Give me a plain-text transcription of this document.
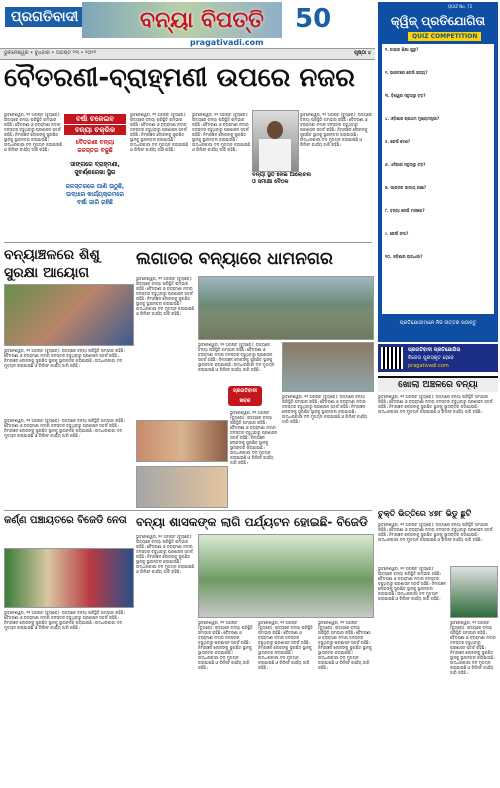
ପ୍ରଗତିବାଦୀ	ବନ୍ୟା ବିପତ୍ତି 50
pragativadi.com
ଭୁବନେଶ୍ୱର • ବୁଧବାର • ଅଗଷ୍ଟ ୨୩ • ୨୦୨୨	ପୃଷ୍ଠା ୪
ବୈତରଣୀ-ବ୍ରାହ୍ମଣୀ ଉପରେ ନଜର
ଭୁବନେଶ୍ୱର, ୨୨ ଅଗଷ୍ଟ (ବ୍ୟୁରୋ): ରାଜ୍ୟରେ ବନ୍ୟା ପରିସ୍ଥିତି ଗମ୍ଭୀର ରହିଛି। ବୈତରଣୀ ଓ ବ୍ରାହ୍ମଣୀ ନଦୀର ଜଳସ୍ତର ବଢୁଥିବାରୁ ପ୍ରଶାସନ ସତର୍କ ରହିଛି। ନିମ୍ନାଞ୍ଚଳ ଲୋକଙ୍କୁ ସୁରକ୍ଷିତ ସ୍ଥାନକୁ ସ୍ଥାନାନ୍ତର କରାଯାଉଛି। ଉଦ୍ଧାରକାରୀ ଦଳ ମୁତୟନ କରାଯାଇଛି ଓ ରିଲିଫ କାର୍ଯ୍ୟ ଜାରି ରହିଛି।
ବର୍ଷା ଚଳେଇବ
ବନ୍ୟା ଚକ୍ରିକ
ବୈତରଣୀ ବନ୍ୟା
ଜଳସ୍ତର ବଢୁଛି
ସାଙ୍ଗରେ ବ୍ରାହ୍ମଣୀ,
ସୁବର୍ଣ୍ଣରେଖା ସ୍ଥିର
ଜଳସ୍ତରରେ ପାଣି ଉଠୁଛି,
ଉଦ୍ଧାର କାର୍ଯ୍ୟକ୍ରମରେ
ବର୍ଷା ଜାରି ରହିଛି
ଭୁବନେଶ୍ୱର, ୨୨ ଅଗଷ୍ଟ (ବ୍ୟୁରୋ): ରାଜ୍ୟରେ ବନ୍ୟା ପରିସ୍ଥିତି ଗମ୍ଭୀର ରହିଛି। ବୈତରଣୀ ଓ ବ୍ରାହ୍ମଣୀ ନଦୀର ଜଳସ୍ତର ବଢୁଥିବାରୁ ପ୍ରଶାସନ ସତର୍କ ରହିଛି। ନିମ୍ନାଞ୍ଚଳ ଲୋକଙ୍କୁ ସୁରକ୍ଷିତ ସ୍ଥାନକୁ ସ୍ଥାନାନ୍ତର କରାଯାଉଛି। ଉଦ୍ଧାରକାରୀ ଦଳ ମୁତୟନ କରାଯାଇଛି ଓ ରିଲିଫ କାର୍ଯ୍ୟ ଜାରି ରହିଛି।
ଭୁବନେଶ୍ୱର, ୨୨ ଅଗଷ୍ଟ (ବ୍ୟୁରୋ): ରାଜ୍ୟରେ ବନ୍ୟା ପରିସ୍ଥିତି ଗମ୍ଭୀର ରହିଛି। ବୈତରଣୀ ଓ ବ୍ରାହ୍ମଣୀ ନଦୀର ଜଳସ୍ତର ବଢୁଥିବାରୁ ପ୍ରଶାସନ ସତର୍କ ରହିଛି। ନିମ୍ନାଞ୍ଚଳ ଲୋକଙ୍କୁ ସୁରକ୍ଷିତ ସ୍ଥାନକୁ ସ୍ଥାନାନ୍ତର କରାଯାଉଛି। ଉଦ୍ଧାରକାରୀ ଦଳ ମୁତୟନ କରାଯାଇଛି ଓ ରିଲିଫ କାର୍ଯ୍ୟ ଜାରି ରହିଛି।
ବନ୍ୟା ସ୍ଥିତି ନେଇ ଆଲୋଚନା ଓ ସମୀକ୍ଷା ବୈଠକ
ଭୁବନେଶ୍ୱର, ୨୨ ଅଗଷ୍ଟ (ବ୍ୟୁରୋ): ରାଜ୍ୟରେ ବନ୍ୟା ପରିସ୍ଥିତି ଗମ୍ଭୀର ରହିଛି। ବୈତରଣୀ ଓ ବ୍ରାହ୍ମଣୀ ନଦୀର ଜଳସ୍ତର ବଢୁଥିବାରୁ ପ୍ରଶାସନ ସତର୍କ ରହିଛି। ନିମ୍ନାଞ୍ଚଳ ଲୋକଙ୍କୁ ସୁରକ୍ଷିତ ସ୍ଥାନକୁ ସ୍ଥାନାନ୍ତର କରାଯାଉଛି। ଉଦ୍ଧାରକାରୀ ଦଳ ମୁତୟନ କରାଯାଇଛି ଓ ରିଲିଫ କାର୍ଯ୍ୟ ଜାରି ରହିଛି।
ବନ୍ୟାଞ୍ଚଳରେ ଶିଶୁ ସୁରକ୍ଷା ଆୟୋଗ
ଭୁବନେଶ୍ୱର, ୨୨ ଅଗଷ୍ଟ (ବ୍ୟୁରୋ): ରାଜ୍ୟରେ ବନ୍ୟା ପରିସ୍ଥିତି ଗମ୍ଭୀର ରହିଛି। ବୈତରଣୀ ଓ ବ୍ରାହ୍ମଣୀ ନଦୀର ଜଳସ୍ତର ବଢୁଥିବାରୁ ପ୍ରଶାସନ ସତର୍କ ରହିଛି। ନିମ୍ନାଞ୍ଚଳ ଲୋକଙ୍କୁ ସୁରକ୍ଷିତ ସ୍ଥାନକୁ ସ୍ଥାନାନ୍ତର କରାଯାଉଛି। ଉଦ୍ଧାରକାରୀ ଦଳ ମୁତୟନ କରାଯାଇଛି ଓ ରିଲିଫ କାର୍ଯ୍ୟ ଜାରି ରହିଛି।
ଲଗାତର ବନ୍ୟାରେ ଧାମନଗର
ଭୁବନେଶ୍ୱର, ୨୨ ଅଗଷ୍ଟ (ବ୍ୟୁରୋ): ରାଜ୍ୟରେ ବନ୍ୟା ପରିସ୍ଥିତି ଗମ୍ଭୀର ରହିଛି। ବୈତରଣୀ ଓ ବ୍ରାହ୍ମଣୀ ନଦୀର ଜଳସ୍ତର ବଢୁଥିବାରୁ ପ୍ରଶାସନ ସତର୍କ ରହିଛି। ନିମ୍ନାଞ୍ଚଳ ଲୋକଙ୍କୁ ସୁରକ୍ଷିତ ସ୍ଥାନକୁ ସ୍ଥାନାନ୍ତର କରାଯାଉଛି। ଉଦ୍ଧାରକାରୀ ଦଳ ମୁତୟନ କରାଯାଇଛି ଓ ରିଲିଫ କାର୍ଯ୍ୟ ଜାରି ରହିଛି।
ପ୍ରଗତିବାଦୀ ଖବର
ଭୁବନେଶ୍ୱର, ୨୨ ଅଗଷ୍ଟ (ବ୍ୟୁରୋ): ରାଜ୍ୟରେ ବନ୍ୟା ପରିସ୍ଥିତି ଗମ୍ଭୀର ରହିଛି। ବୈତରଣୀ ଓ ବ୍ରାହ୍ମଣୀ ନଦୀର ଜଳସ୍ତର ବଢୁଥିବାରୁ ପ୍ରଶାସନ ସତର୍କ ରହିଛି। ନିମ୍ନାଞ୍ଚଳ ଲୋକଙ୍କୁ ସୁରକ୍ଷିତ ସ୍ଥାନକୁ ସ୍ଥାନାନ୍ତର କରାଯାଉଛି। ଉଦ୍ଧାରକାରୀ ଦଳ ମୁତୟନ କରାଯାଇଛି ଓ ରିଲିଫ କାର୍ଯ୍ୟ ଜାରି ରହିଛି।
ଭୁବନେଶ୍ୱର, ୨୨ ଅଗଷ୍ଟ (ବ୍ୟୁରୋ): ରାଜ୍ୟରେ ବନ୍ୟା ପରିସ୍ଥିତି ଗମ୍ଭୀର ରହିଛି। ବୈତରଣୀ ଓ ବ୍ରାହ୍ମଣୀ ନଦୀର ଜଳସ୍ତର ବଢୁଥିବାରୁ ପ୍ରଶାସନ ସତର୍କ ରହିଛି। ନିମ୍ନାଞ୍ଚଳ ଲୋକଙ୍କୁ ସୁରକ୍ଷିତ ସ୍ଥାନକୁ ସ୍ଥାନାନ୍ତର କରାଯାଉଛି। ଉଦ୍ଧାରକାରୀ ଦଳ ମୁତୟନ କରାଯାଇଛି ଓ ରିଲିଫ କାର୍ଯ୍ୟ ଜାରି ରହିଛି।
ଭୁବନେଶ୍ୱର, ୨୨ ଅଗଷ୍ଟ (ବ୍ୟୁରୋ): ରାଜ୍ୟରେ ବନ୍ୟା ପରିସ୍ଥିତି ଗମ୍ଭୀର ରହିଛି। ବୈତରଣୀ ଓ ବ୍ରାହ୍ମଣୀ ନଦୀର ଜଳସ୍ତର ବଢୁଥିବାରୁ ପ୍ରଶାସନ ସତର୍କ ରହିଛି। ନିମ୍ନାଞ୍ଚଳ ଲୋକଙ୍କୁ ସୁରକ୍ଷିତ ସ୍ଥାନକୁ ସ୍ଥାନାନ୍ତର କରାଯାଉଛି। ଉଦ୍ଧାରକାରୀ ଦଳ ମୁତୟନ କରାଯାଇଛି ଓ ରିଲିଫ କାର୍ଯ୍ୟ ଜାରି ରହିଛି।
ଭୁବନେଶ୍ୱର, ୨୨ ଅଗଷ୍ଟ (ବ୍ୟୁରୋ): ରାଜ୍ୟରେ ବନ୍ୟା ପରିସ୍ଥିତି ଗମ୍ଭୀର ରହିଛି। ବୈତରଣୀ ଓ ବ୍ରାହ୍ମଣୀ ନଦୀର ଜଳସ୍ତର ବଢୁଥିବାରୁ ପ୍ରଶାସନ ସତର୍କ ରହିଛି। ନିମ୍ନାଞ୍ଚଳ ଲୋକଙ୍କୁ ସୁରକ୍ଷିତ ସ୍ଥାନକୁ ସ୍ଥାନାନ୍ତର କରାଯାଉଛି। ଉଦ୍ଧାରକାରୀ ଦଳ ମୁତୟନ କରାଯାଇଛି ଓ ରିଲିଫ କାର୍ଯ୍ୟ ଜାରି ରହିଛି।
କର୍ଣ୍ଣ ପଞ୍ଚାୟତରେ ବିଜେଡି ନେତା
ଭୁବନେଶ୍ୱର, ୨୨ ଅଗଷ୍ଟ (ବ୍ୟୁରୋ): ରାଜ୍ୟରେ ବନ୍ୟା ପରିସ୍ଥିତି ଗମ୍ଭୀର ରହିଛି। ବୈତରଣୀ ଓ ବ୍ରାହ୍ମଣୀ ନଦୀର ଜଳସ୍ତର ବଢୁଥିବାରୁ ପ୍ରଶାସନ ସତର୍କ ରହିଛି। ନିମ୍ନାଞ୍ଚଳ ଲୋକଙ୍କୁ ସୁରକ୍ଷିତ ସ୍ଥାନକୁ ସ୍ଥାନାନ୍ତର କରାଯାଉଛି। ଉଦ୍ଧାରକାରୀ ଦଳ ମୁତୟନ କରାଯାଇଛି ଓ ରିଲିଫ କାର୍ଯ୍ୟ ଜାରି ରହିଛି।
ବନ୍ୟା ଶାସକଙ୍କ ଲାଗି ପର୍ଯ୍ୟଟନ ହୋଇଛି- ବିଜେଡି
ଭୁବନେଶ୍ୱର, ୨୨ ଅଗଷ୍ଟ (ବ୍ୟୁରୋ): ରାଜ୍ୟରେ ବନ୍ୟା ପରିସ୍ଥିତି ଗମ୍ଭୀର ରହିଛି। ବୈତରଣୀ ଓ ବ୍ରାହ୍ମଣୀ ନଦୀର ଜଳସ୍ତର ବଢୁଥିବାରୁ ପ୍ରଶାସନ ସତର୍କ ରହିଛି। ନିମ୍ନାଞ୍ଚଳ ଲୋକଙ୍କୁ ସୁରକ୍ଷିତ ସ୍ଥାନକୁ ସ୍ଥାନାନ୍ତର କରାଯାଉଛି। ଉଦ୍ଧାରକାରୀ ଦଳ ମୁତୟନ କରାଯାଇଛି ଓ ରିଲିଫ କାର୍ଯ୍ୟ ଜାରି ରହିଛି।
ଭୁବନେଶ୍ୱର, ୨୨ ଅଗଷ୍ଟ (ବ୍ୟୁରୋ): ରାଜ୍ୟରେ ବନ୍ୟା ପରିସ୍ଥିତି ଗମ୍ଭୀର ରହିଛି। ବୈତରଣୀ ଓ ବ୍ରାହ୍ମଣୀ ନଦୀର ଜଳସ୍ତର ବଢୁଥିବାରୁ ପ୍ରଶାସନ ସତର୍କ ରହିଛି। ନିମ୍ନାଞ୍ଚଳ ଲୋକଙ୍କୁ ସୁରକ୍ଷିତ ସ୍ଥାନକୁ ସ୍ଥାନାନ୍ତର କରାଯାଉଛି। ଉଦ୍ଧାରକାରୀ ଦଳ ମୁତୟନ କରାଯାଇଛି ଓ ରିଲିଫ କାର୍ଯ୍ୟ ଜାରି ରହିଛି।
ଭୁବନେଶ୍ୱର, ୨୨ ଅଗଷ୍ଟ (ବ୍ୟୁରୋ): ରାଜ୍ୟରେ ବନ୍ୟା ପରିସ୍ଥିତି ଗମ୍ଭୀର ରହିଛି। ବୈତରଣୀ ଓ ବ୍ରାହ୍ମଣୀ ନଦୀର ଜଳସ୍ତର ବଢୁଥିବାରୁ ପ୍ରଶାସନ ସତର୍କ ରହିଛି। ନିମ୍ନାଞ୍ଚଳ ଲୋକଙ୍କୁ ସୁରକ୍ଷିତ ସ୍ଥାନକୁ ସ୍ଥାନାନ୍ତର କରାଯାଉଛି। ଉଦ୍ଧାରକାରୀ ଦଳ ମୁତୟନ କରାଯାଇଛି ଓ ରିଲିଫ କାର୍ଯ୍ୟ ଜାରି ରହିଛି।
ଭୁବନେଶ୍ୱର, ୨୨ ଅଗଷ୍ଟ (ବ୍ୟୁରୋ): ରାଜ୍ୟରେ ବନ୍ୟା ପରିସ୍ଥିତି ଗମ୍ଭୀର ରହିଛି। ବୈତରଣୀ ଓ ବ୍ରାହ୍ମଣୀ ନଦୀର ଜଳସ୍ତର ବଢୁଥିବାରୁ ପ୍ରଶାସନ ସତର୍କ ରହିଛି। ନିମ୍ନାଞ୍ଚଳ ଲୋକଙ୍କୁ ସୁରକ୍ଷିତ ସ୍ଥାନକୁ ସ୍ଥାନାନ୍ତର କରାଯାଉଛି। ଉଦ୍ଧାରକାରୀ ଦଳ ମୁତୟନ କରାଯାଇଛି ଓ ରିଲିଫ କାର୍ଯ୍ୟ ଜାରି ରହିଛି।
QUIZ No. 72
କ୍ୱିଜ୍ ପ୍ରତିଯୋଗିତା
QUIZ COMPETITION
୧. କାହାର ଶିକ୍ଷା ଗୁରୁ?
୨. ଭାରତରେ କେଉଁ ରାଜ୍ୟ?
୩. ବିଶ୍ୱର ସବୁଠାରୁ ବଡ଼?
୪. ଓଡ଼ିଶାର ପ୍ରଥମ ମୁଖ୍ୟମନ୍ତ୍ରୀ?
୫. କେଉଁ ଦେଶ?
୬. ଏସିଆର ସବୁଠାରୁ ବଡ଼?
୭. ଭାରତର ଜାତୀୟ ପକ୍ଷୀ?
୮. ବନ୍ୟା କେଉଁ ମାସରେ?
୯. କେଉଁ ନଦୀ?
୧୦. ଓଡ଼ିଶାର ରାଜଧାନୀ?
ପ୍ରତିଯୋଗୀମାନେ ନିଜ ଉତ୍ତର ପଠାନ୍ତୁ
ପ୍ରଗତିବାଦୀ ପ୍ରତିଯୋଗିତା
ବିଜେତା ପୁରସ୍କୃତ ହେବେ
pragativadi.com
ଖୋଲା ଅଞ୍ଚଳରେ ବନ୍ୟା
ଭୁବନେଶ୍ୱର, ୨୨ ଅଗଷ୍ଟ (ବ୍ୟୁରୋ): ରାଜ୍ୟରେ ବନ୍ୟା ପରିସ୍ଥିତି ଗମ୍ଭୀର ରହିଛି। ବୈତରଣୀ ଓ ବ୍ରାହ୍ମଣୀ ନଦୀର ଜଳସ୍ତର ବଢୁଥିବାରୁ ପ୍ରଶାସନ ସତର୍କ ରହିଛି। ନିମ୍ନାଞ୍ଚଳ ଲୋକଙ୍କୁ ସୁରକ୍ଷିତ ସ୍ଥାନକୁ ସ୍ଥାନାନ୍ତର କରାଯାଉଛି। ଉଦ୍ଧାରକାରୀ ଦଳ ମୁତୟନ କରାଯାଇଛି ଓ ରିଲିଫ କାର୍ଯ୍ୟ ଜାରି ରହିଛି।
ଚୁକ୍ତି ଭିତ୍ତିରେ ୪୭୮ ଭିଡୁ ଛୁଟି
ଭୁବନେଶ୍ୱର, ୨୨ ଅଗଷ୍ଟ (ବ୍ୟୁରୋ): ରାଜ୍ୟରେ ବନ୍ୟା ପରିସ୍ଥିତି ଗମ୍ଭୀର ରହିଛି। ବୈତରଣୀ ଓ ବ୍ରାହ୍ମଣୀ ନଦୀର ଜଳସ୍ତର ବଢୁଥିବାରୁ ପ୍ରଶାସନ ସତର୍କ ରହିଛି। ନିମ୍ନାଞ୍ଚଳ ଲୋକଙ୍କୁ ସୁରକ୍ଷିତ ସ୍ଥାନକୁ ସ୍ଥାନାନ୍ତର କରାଯାଉଛି। ଉଦ୍ଧାରକାରୀ ଦଳ ମୁତୟନ କରାଯାଇଛି ଓ ରିଲିଫ କାର୍ଯ୍ୟ ଜାରି ରହିଛି।
ଭୁବନେଶ୍ୱର, ୨୨ ଅଗଷ୍ଟ (ବ୍ୟୁରୋ): ରାଜ୍ୟରେ ବନ୍ୟା ପରିସ୍ଥିତି ଗମ୍ଭୀର ରହିଛି। ବୈତରଣୀ ଓ ବ୍ରାହ୍ମଣୀ ନଦୀର ଜଳସ୍ତର ବଢୁଥିବାରୁ ପ୍ରଶାସନ ସତର୍କ ରହିଛି। ନିମ୍ନାଞ୍ଚଳ ଲୋକଙ୍କୁ ସୁରକ୍ଷିତ ସ୍ଥାନକୁ ସ୍ଥାନାନ୍ତର କରାଯାଉଛି। ଉଦ୍ଧାରକାରୀ ଦଳ ମୁତୟନ କରାଯାଇଛି ଓ ରିଲିଫ କାର୍ଯ୍ୟ ଜାରି ରହିଛି।
ଭୁବନେଶ୍ୱର, ୨୨ ଅଗଷ୍ଟ (ବ୍ୟୁରୋ): ରାଜ୍ୟରେ ବନ୍ୟା ପରିସ୍ଥିତି ଗମ୍ଭୀର ରହିଛି। ବୈତରଣୀ ଓ ବ୍ରାହ୍ମଣୀ ନଦୀର ଜଳସ୍ତର ବଢୁଥିବାରୁ ପ୍ରଶାସନ ସତର୍କ ରହିଛି। ନିମ୍ନାଞ୍ଚଳ ଲୋକଙ୍କୁ ସୁରକ୍ଷିତ ସ୍ଥାନକୁ ସ୍ଥାନାନ୍ତର କରାଯାଉଛି। ଉଦ୍ଧାରକାରୀ ଦଳ ମୁତୟନ କରାଯାଇଛି ଓ ରିଲିଫ କାର୍ଯ୍ୟ ଜାରି ରହିଛି।
